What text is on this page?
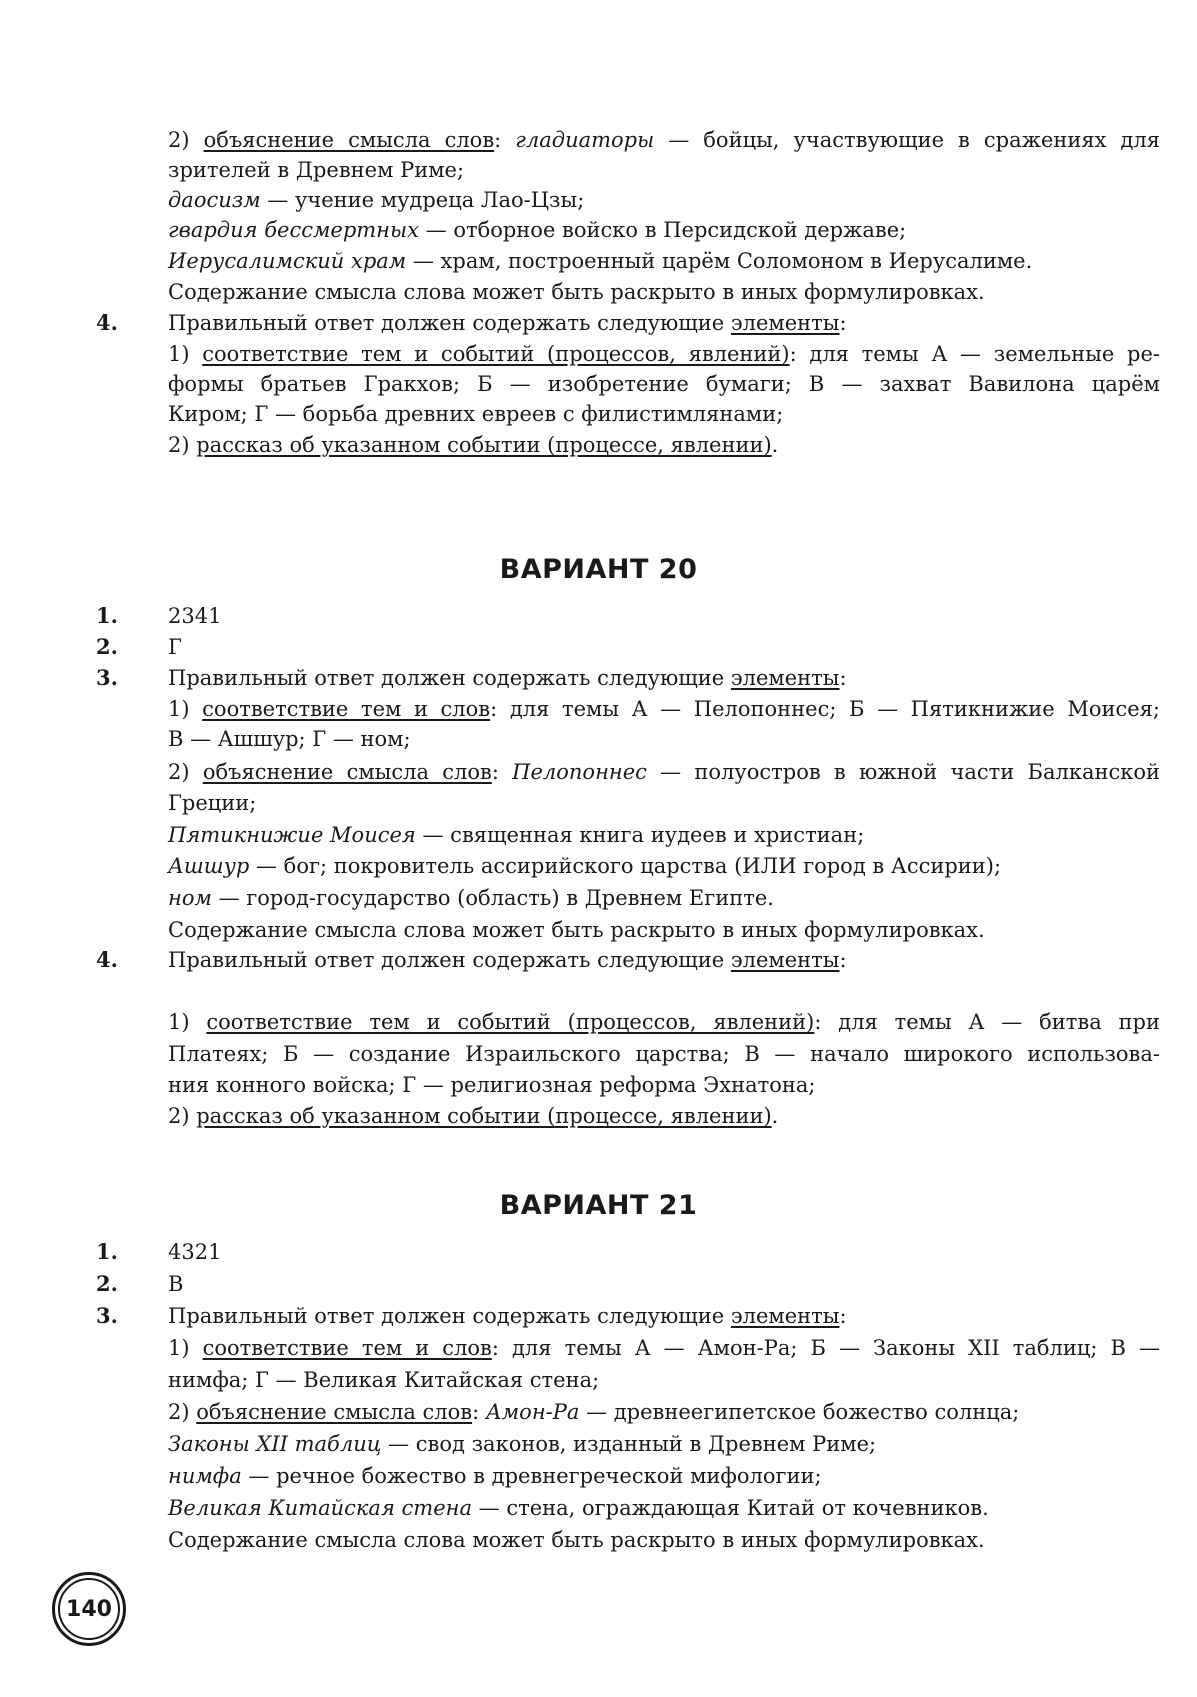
2) объяснение смысла слов: гладиаторы — бойцы, участвующие в сражениях для
зрителей в Древнем Риме;
даосизм — учение мудреца Лао-Цзы;
гвардия бессмертных — отборное войско в Персидской державе;
Иерусалимский храм — храм, построенный царём Соломоном в Иерусалиме.
Содержание смысла слова может быть раскрыто в иных формулировках.
4. Правильный ответ должен содержать следующие элементы:
1) соответствие тем и событий (процессов, явлений): для темы А — земельные ре-
формы братьев Гракхов; Б — изобретение бумаги; В — захват Вавилона царём
Киром; Г — борьба древних евреев с филистимлянами;
2) рассказ об указанном событии (процессе, явлении).
ВАРИАНТ 20
1. 2341
2. Г
3. Правильный ответ должен содержать следующие элементы:
1) соответствие тем и слов: для темы А — Пелопоннес; Б — Пятикнижие Моисея;
В — Ашшур; Г — ном;
2) объяснение смысла слов: Пелопоннес — полуостров в южной части Балканской
Греции;
Пятикнижие Моисея — священная книга иудеев и христиан;
Ашшур — бог; покровитель ассирийского царства (ИЛИ город в Ассирии);
ном — город-государство (область) в Древнем Египте.
Содержание смысла слова может быть раскрыто в иных формулировках.
4. Правильный ответ должен содержать следующие элементы:
1) соответствие тем и событий (процессов, явлений): для темы А — битва при
Платеях; Б — создание Израильского царства; В — начало широкого использова-
ния конного войска; Г — религиозная реформа Эхнатона;
2) рассказ об указанном событии (процессе, явлении).
ВАРИАНТ 21
1. 4321
2. В
3. Правильный ответ должен содержать следующие элементы:
1) соответствие тем и слов: для темы А — Амон-Ра; Б — Законы XII таблиц; В —
нимфа; Г — Великая Китайская стена;
2) объяснение смысла слов: Амон-Ра — древнеегипетское божество солнца;
Законы XII таблиц — свод законов, изданный в Древнем Риме;
нимфа — речное божество в древнегреческой мифологии;
Великая Китайская стена — стена, ограждающая Китай от кочевников.
Содержание смысла слова может быть раскрыто в иных формулировках.
140
